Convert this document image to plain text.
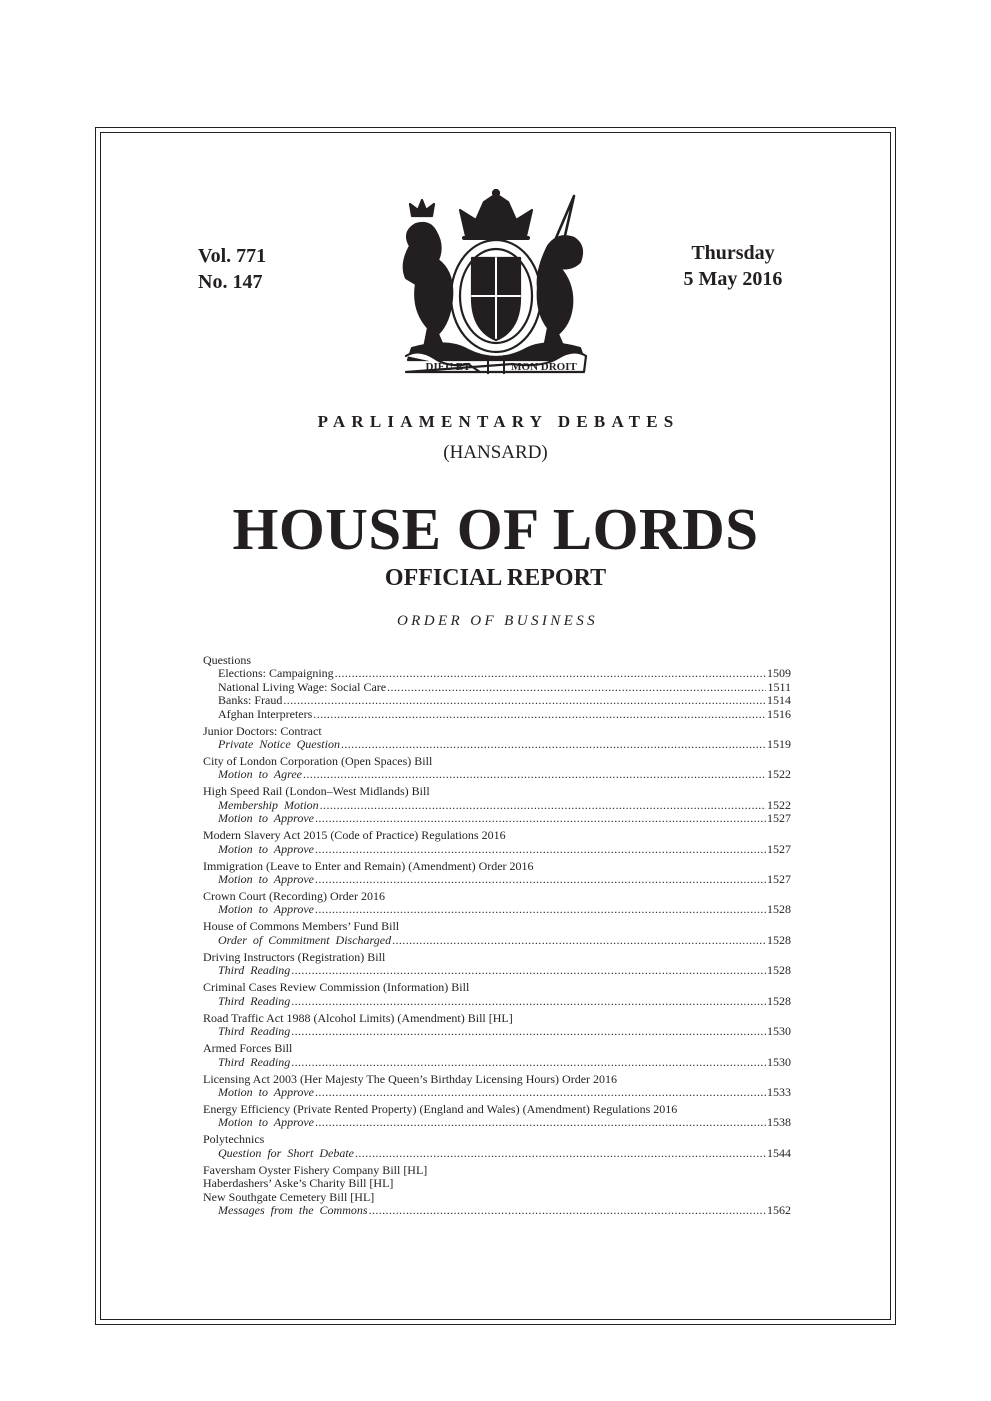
Vol. 771
No. 147
Thursday
5 May 2016
DIEU ET	MON DROIT
PARLIAMENTARY DEBATES
(HANSARD)
HOUSE OF LORDS
OFFICIAL REPORT
ORDER OF BUSINESS
Questions
Elections: Campaigning .....	1509
National Living Wage: Social Care .....	1511
Banks: Fraud .....	1514
Afghan Interpreters .....	1516
Junior Doctors: Contract
Private Notice Question .....	1519
City of London Corporation (Open Spaces) Bill
Motion to Agree .....	1522
High Speed Rail (London–West Midlands) Bill
Membership Motion .....	1522
Motion to Approve .....	1527
Modern Slavery Act 2015 (Code of Practice) Regulations 2016
Motion to Approve .....	1527
Immigration (Leave to Enter and Remain) (Amendment) Order 2016
Motion to Approve .....	1527
Crown Court (Recording) Order 2016
Motion to Approve .....	1528
House of Commons Members’ Fund Bill
Order of Commitment Discharged .....	1528
Driving Instructors (Registration) Bill
Third Reading .....	1528
Criminal Cases Review Commission (Information) Bill
Third Reading .....	1528
Road Traffic Act 1988 (Alcohol Limits) (Amendment) Bill [HL]
Third Reading .....	1530
Armed Forces Bill
Third Reading .....	1530
Licensing Act 2003 (Her Majesty The Queen’s Birthday Licensing Hours) Order 2016
Motion to Approve .....	1533
Energy Efficiency (Private Rented Property) (England and Wales) (Amendment) Regulations 2016
Motion to Approve .....	1538
Polytechnics
Question for Short Debate .....	1544
Faversham Oyster Fishery Company Bill [HL]
Haberdashers’ Aske’s Charity Bill [HL]
New Southgate Cemetery Bill [HL]
Messages from the Commons .....	1562
